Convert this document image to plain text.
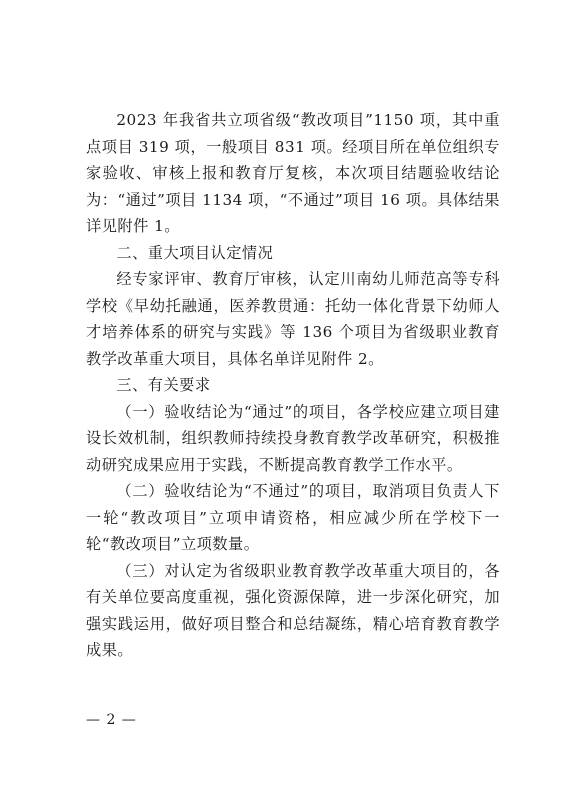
2023 年我省共立项省级“教改项目”1150 项，其中重点项目 319 项，一般项目 831 项。经项目所在单位组织专家验收、审核上报和教育厅复核，本次项目结题验收结论为：“通过”项目 1134 项，“不通过”项目 16 项。具体结果详见附件 1。

二、重大项目认定情况

经专家评审、教育厅审核，认定川南幼儿师范高等专科学校《早幼托融通，医养教贯通：托幼一体化背景下幼师人才培养体系的研究与实践》等 136 个项目为省级职业教育教学改革重大项目，具体名单详见附件 2。

三、有关要求

（一）验收结论为“通过”的项目，各学校应建立项目建设长效机制，组织教师持续投身教育教学改革研究，积极推动研究成果应用于实践，不断提高教育教学工作水平。

（二）验收结论为“不通过”的项目，取消项目负责人下一轮“教改项目”立项申请资格，相应减少所在学校下一轮“教改项目”立项数量。

（三）对认定为省级职业教育教学改革重大项目的，各有关单位要高度重视，强化资源保障，进一步深化研究，加强实践运用，做好项目整合和总结凝练，精心培育教育教学成果。

— 2 —
